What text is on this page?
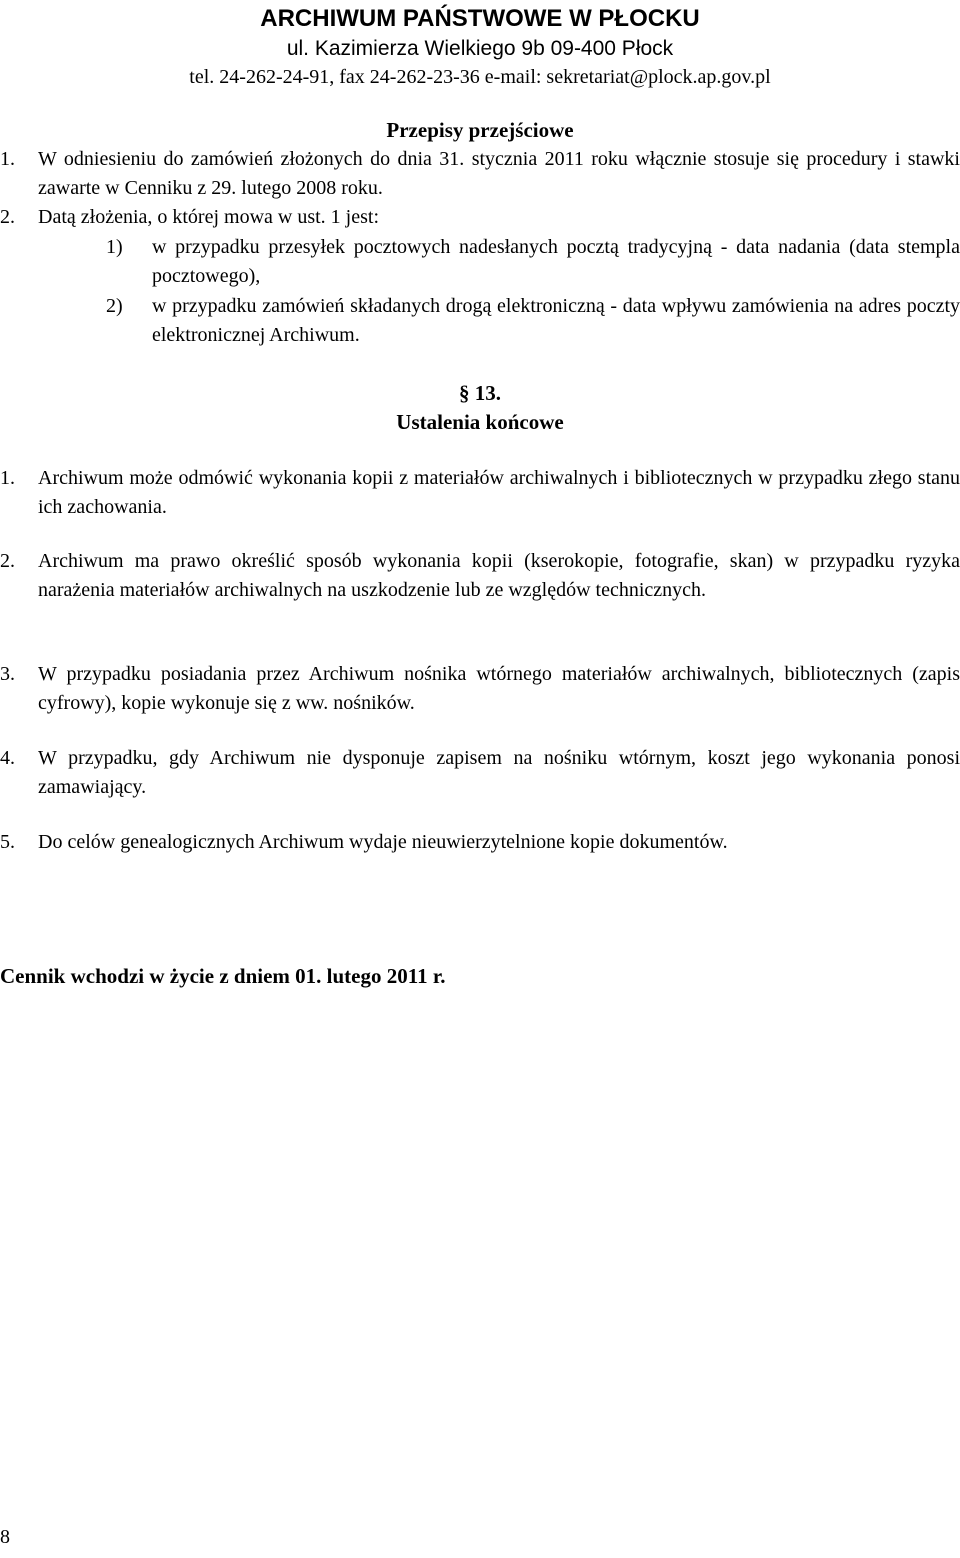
ARCHIWUM PAŃSTWOWE W PŁOCKU
ul. Kazimierza Wielkiego 9b 09-400 Płock
tel. 24-262-24-91, fax 24-262-23-36 e-mail: sekretariat@plock.ap.gov.pl
Przepisy przejściowe
1.	W odniesieniu do zamówień złożonych do dnia 31. stycznia 2011 roku włącznie stosuje się procedury i stawki zawarte w Cenniku z 29. lutego 2008 roku.
2.	Datą złożenia, o której mowa w ust. 1 jest:
1)	w przypadku przesyłek pocztowych nadesłanych pocztą tradycyjną - data nadania (data stempla pocztowego),
2)	w przypadku zamówień składanych drogą elektroniczną - data wpływu zamówienia na adres poczty elektronicznej Archiwum.
§ 13.
Ustalenia końcowe
1.	Archiwum może odmówić wykonania kopii z materiałów archiwalnych i bibliotecznych w przypadku złego stanu ich zachowania.
2.	Archiwum ma prawo określić sposób wykonania kopii (kserokopie, fotografie, skan) w przypadku ryzyka narażenia materiałów archiwalnych na uszkodzenie lub ze względów technicznych.
3.	W przypadku posiadania przez Archiwum nośnika wtórnego materiałów archiwalnych, bibliotecznych (zapis cyfrowy), kopie wykonuje się z ww. nośników.
4.	W przypadku, gdy Archiwum nie dysponuje zapisem na nośniku wtórnym, koszt jego wykonania ponosi zamawiający.
5.	Do celów genealogicznych Archiwum wydaje nieuwierzytelnione kopie dokumentów.
Cennik wchodzi w życie z dniem 01. lutego 2011 r.
8
